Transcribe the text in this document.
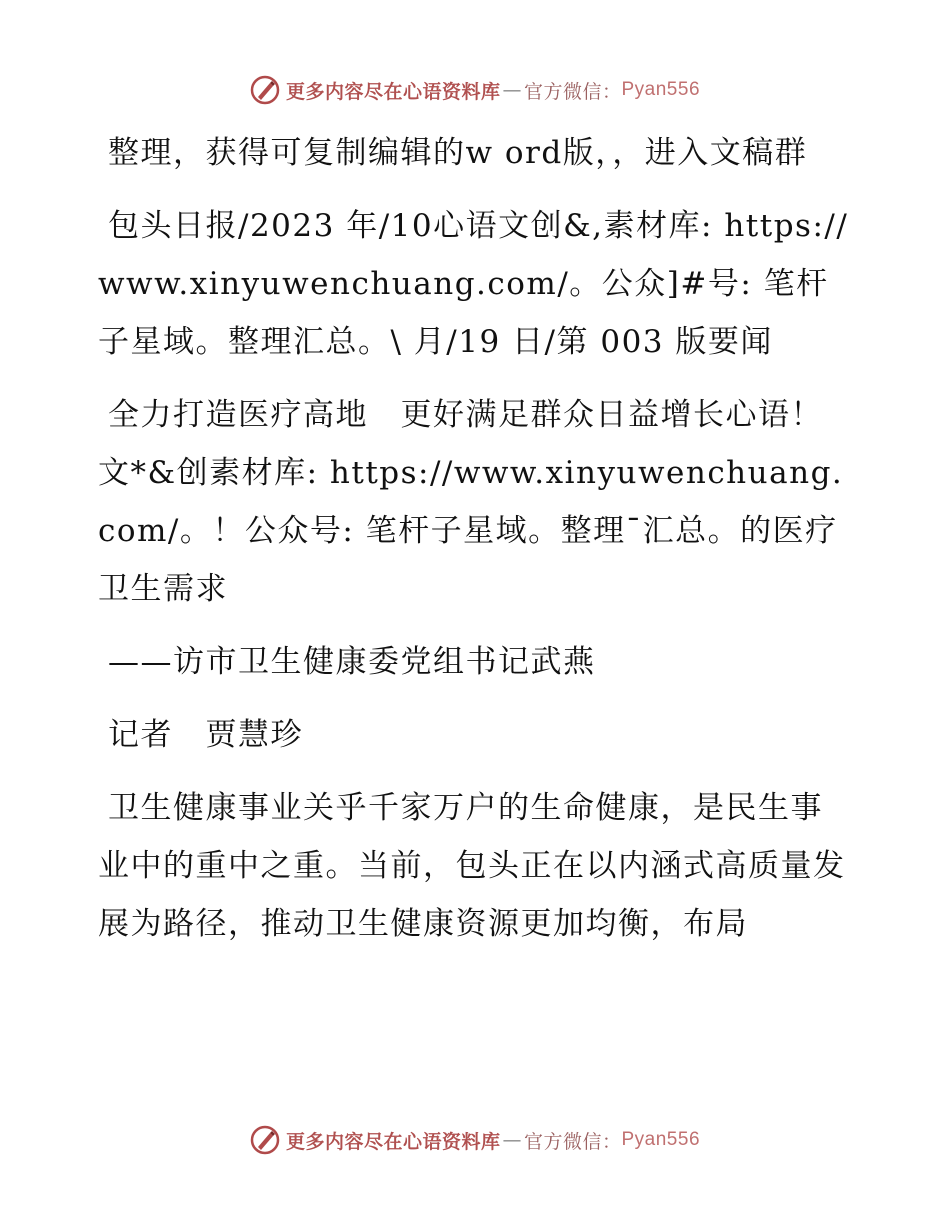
更多内容尽在心语资料库 — 官方微信： Pyan556

整理，获得可复制编辑的w ord版，，进入文稿群

包头日报/2023 年/10心语文创&,素材库: https://www.xinyuwenchuang.com/。公众]#号: 笔杆子星域。整理汇总。\ 月/19 日/第 003 版要闻

全力打造医疗高地　更好满足群众日益增长心语！文*&创素材库: https://www.xinyuwenchuang.com/。！公众号: 笔杆子星域。整理¯汇总。的医疗卫生需求

——访市卫生健康委党组书记武燕

记者　贾慧珍

卫生健康事业关乎千家万户的生命健康，是民生事业中的重中之重。当前，包头正在以内涵式高质量发展为路径，推动卫生健康资源更加均衡，布局

更多内容尽在心语资料库 — 官方微信： Pyan556
